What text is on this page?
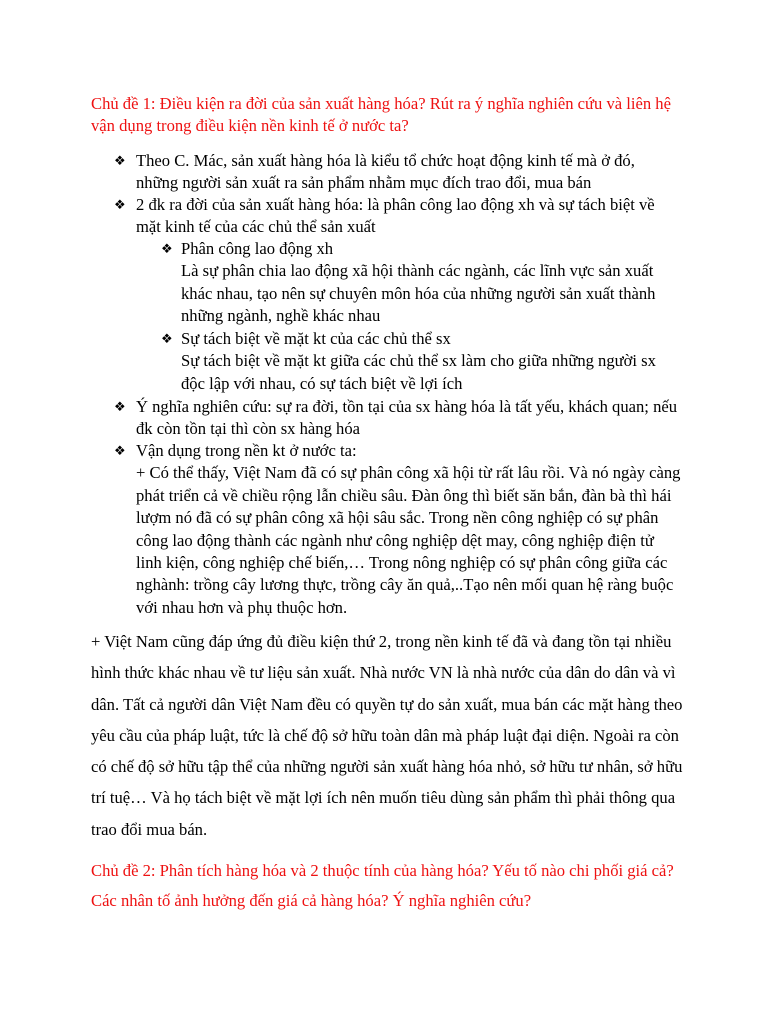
Chủ đề 1: Điều kiện ra đời của sản xuất hàng hóa? Rút ra ý nghĩa nghiên cứu và liên hệ vận dụng trong điều kiện nền kinh tế ở nước ta?

❖ Theo C. Mác, sản xuất hàng hóa là kiểu tổ chức hoạt động kinh tế mà ở đó, những người sản xuất ra sản phẩm nhằm mục đích trao đổi, mua bán
❖ 2 đk ra đời của sản xuất hàng hóa: là phân công lao động xh và sự tách biệt về mặt kinh tế của các chủ thể sản xuất
❖ Phân công lao động xh
Là sự phân chia lao động xã hội thành các ngành, các lĩnh vực sản xuất khác nhau, tạo nên sự chuyên môn hóa của những người sản xuất thành những ngành, nghề khác nhau
❖ Sự tách biệt về mặt kt của các chủ thể sx
Sự tách biệt về mặt kt giữa các chủ thể sx làm cho giữa những người sx độc lập với nhau, có sự tách biệt về lợi ích
❖ Ý nghĩa nghiên cứu: sự ra đời, tồn tại của sx hàng hóa là tất yếu, khách quan; nếu đk còn tồn tại thì còn sx hàng hóa
❖ Vận dụng trong nền kt ở nước ta:
+ Có thể thấy, Việt Nam đã có sự phân công xã hội từ rất lâu rồi. Và nó ngày càng phát triển cả về chiều rộng lẫn chiều sâu. Đàn ông thì biết săn bắn, đàn bà thì hái lượm nó đã có sự phân công xã hội sâu sắc. Trong nền công nghiệp có sự phân công lao động thành các ngành như công nghiệp dệt may, công nghiệp điện tử linh kiện, công nghiệp chế biến,… Trong nông nghiệp có sự phân công giữa các nghành: trồng cây lương thực, trồng cây ăn quả,..Tạo nên mối quan hệ ràng buộc với nhau hơn và phụ thuộc hơn.

+ Việt Nam cũng đáp ứng đủ điều kiện thứ 2, trong nền kinh tế đã và đang tồn tại nhiều hình thức khác nhau về tư liệu sản xuất. Nhà nước VN là nhà nước của dân do dân và vì dân. Tất cả người dân Việt Nam đều có quyền tự do sản xuất, mua bán các mặt hàng theo yêu cầu của pháp luật, tức là chế độ sở hữu toàn dân mà pháp luật đại diện. Ngoài ra còn có chế độ sở hữu tập thể của những người sản xuất hàng hóa nhỏ, sở hữu tư nhân, sở hữu trí tuệ… Và họ tách biệt về mặt lợi ích nên muốn tiêu dùng sản phẩm thì phải thông qua trao đổi mua bán.

Chủ đề 2: Phân tích hàng hóa và 2 thuộc tính của hàng hóa? Yếu tố nào chi phối giá cả? Các nhân tố ảnh hưởng đến giá cả hàng hóa? Ý nghĩa nghiên cứu?
